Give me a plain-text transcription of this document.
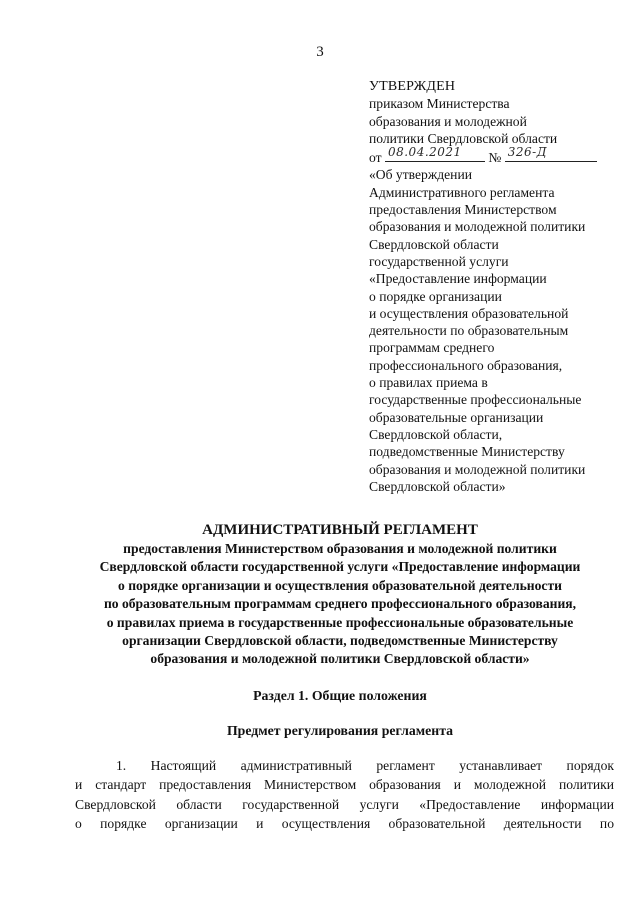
3
УТВЕРЖДЕН
приказом Министерства
образования и молодежной
политики Свердловской области
от 08.04.2021 № 326-Д
«Об утверждении
Административного регламента
предоставления Министерством
образования и молодежной политики
Свердловской области
государственной услуги
«Предоставление информации
о порядке организации
и осуществления образовательной
деятельности по образовательным
программам среднего
профессионального образования,
о правилах приема в
государственные профессиональные
образовательные организации
Свердловской области,
подведомственные Министерству
образования и молодежной политики
Свердловской области»
АДМИНИСТРАТИВНЫЙ РЕГЛАМЕНТ
предоставления Министерством образования и молодежной политики
Свердловской области государственной услуги «Предоставление информации
о порядке организации и осуществления образовательной деятельности
по образовательным программам среднего профессионального образования,
о правилах приема в государственные профессиональные образовательные
организации Свердловской области, подведомственные Министерству
образования и молодежной политики Свердловской области»
Раздел 1. Общие положения
Предмет регулирования регламента
1. Настоящий административный регламент устанавливает порядок
и стандарт предоставления Министерством образования и молодежной политики
Свердловской области государственной услуги «Предоставление информации
о порядке организации и осуществления образовательной деятельности по
